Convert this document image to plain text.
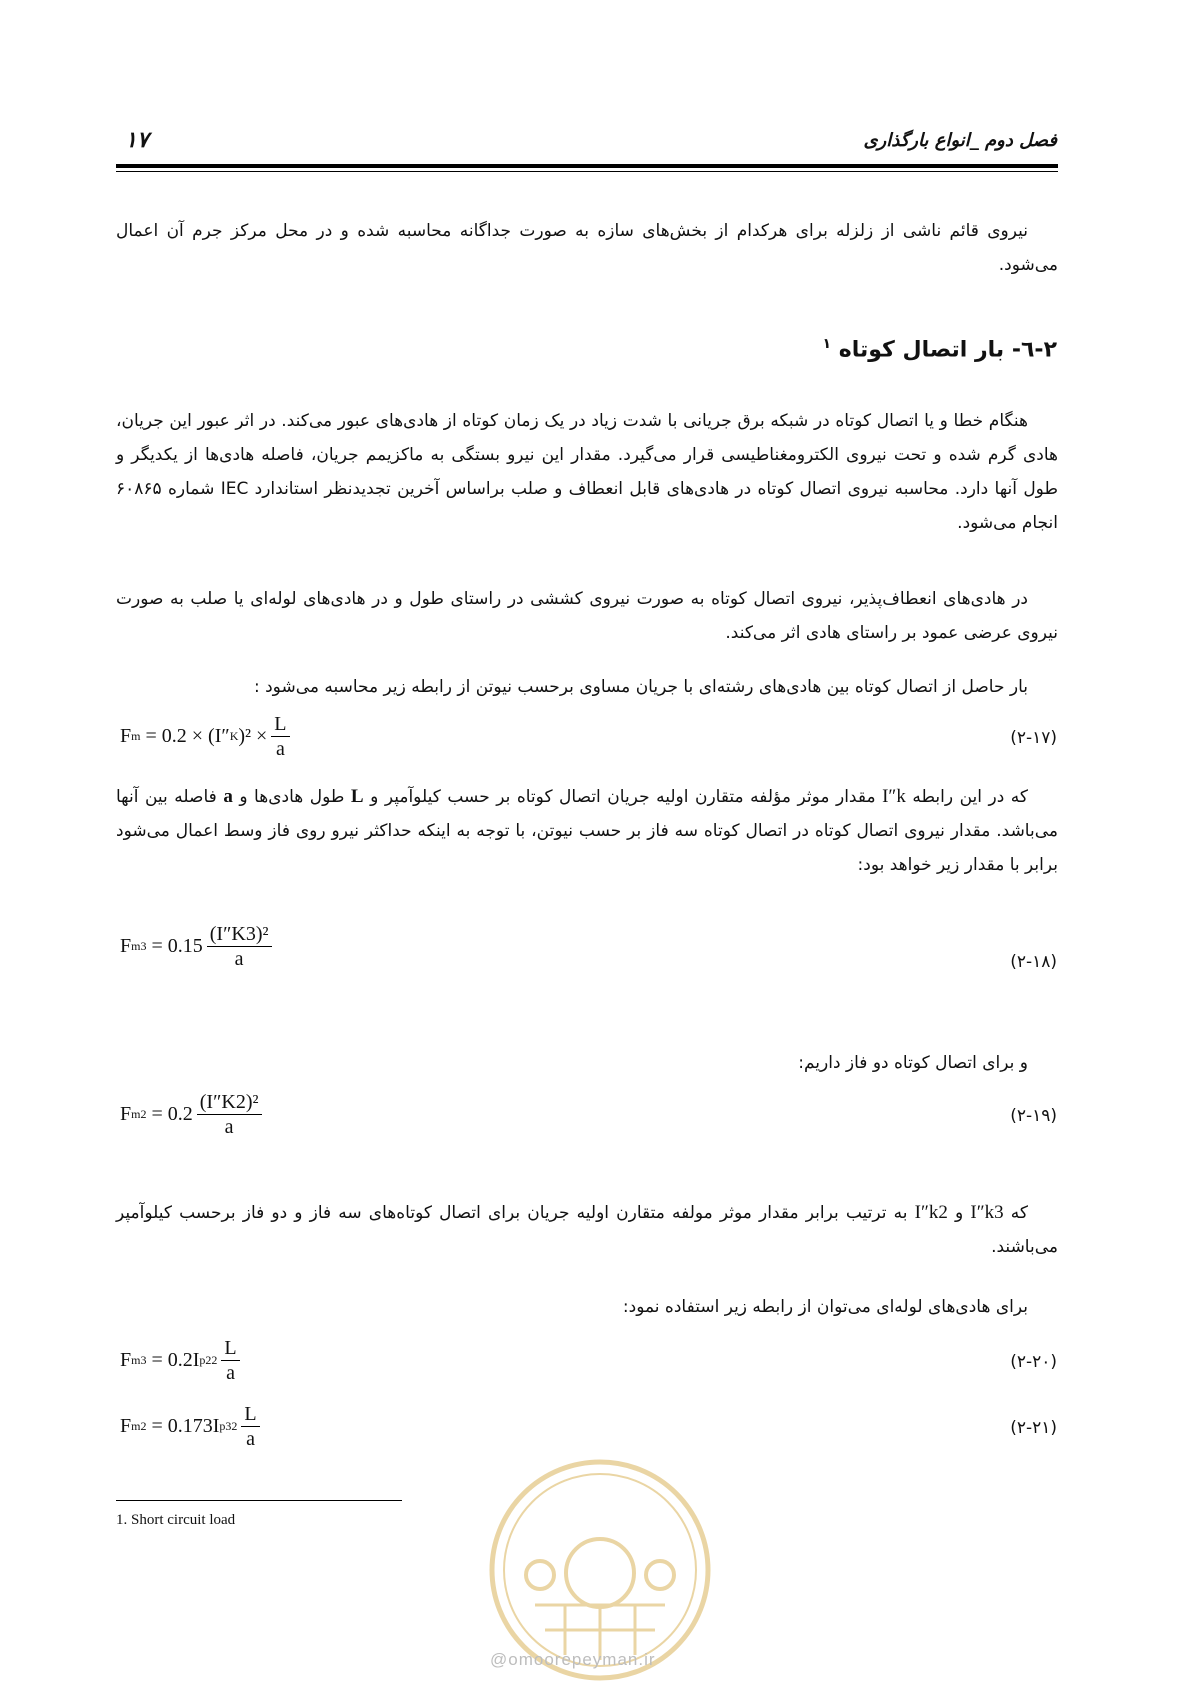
۱۷	فصل دوم _انواع بارگذاری
نیروی قائم ناشی از زلزله برای هرکدام از بخش‌های سازه به صورت جداگانه محاسبه شده و در محل مرکز جرم آن اعمال می‌شود.
۲-٦- بار اتصال کوتاه $^۱$
هنگام خطا و یا اتصال کوتاه در شبکه برق جریانی با شدت زیاد در یک زمان کوتاه از هادی‌های عبور می‌کند. در اثر عبور این جریان، هادی گرم شده و تحت نیروی الکترومغناطیسی قرار می‌گیرد. مقدار این نیرو بستگی به ماکزیمم جریان، فاصله هادی‌ها از یکدیگر و طول آنها دارد. محاسبه نیروی اتصال کوتاه در هادی‌های قابل انعطاف و صلب براساس آخرین تجدیدنظر استاندارد IEC شماره ۶۰۸۶۵ انجام می‌شود.
در هادی‌های انعطاف‌پذیر، نیروی اتصال کوتاه به صورت نیروی کششی در راستای طول و در هادی‌های لوله‌ای یا صلب به صورت نیروی عرضی عمود بر راستای هادی اثر می‌کند.
بار حاصل از اتصال کوتاه بین هادی‌های رشته‌ای با جریان مساوی برحسب نیوتن از رابطه زیر محاسبه می‌شود :
F m
= 0.2 × (I″ K )$^2 \times \frac{L}{a}$	(۲-۱۷)
که در این رابطه I″k مقدار موثر مؤلفه متقارن اولیه جریان اتصال کوتاه بر حسب کیلوآمپر و L طول هادی‌ها و a فاصله بین آنها می‌باشد. مقدار نیروی اتصال کوتاه در اتصال کوتاه سه فاز بر حسب نیوتن، با توجه به اینکه حداکثر نیرو روی فاز وسط اعمال می‌شود برابر با مقدار زیر خواهد بود:
F m3
= $0.15 \frac{\text{(I″K3)²}}{a}$	(۲-۱۸)
و برای اتصال کوتاه دو فاز داریم:
F m2
= $0.2 \frac{\text{(I″K2)²}}{a}$	(۲-۱۹)
که I″k3 و I″k2 به ترتیب برابر مقدار موثر مولفه متقارن اولیه جریان برای اتصال کوتاه‌های سه فاز و دو فاز برحسب کیلوآمپر می‌باشند.
برای هادی‌های لوله‌ای می‌توان از رابطه زیر استفاده نمود:
F m3
= 0.2I p2 $2 \frac{L}{a}$	(۲-۲۰)
F m2
= 0.173I p3 $2 \frac{L}{a}$	(۲-۲۱)
@omoorepeyman.ir
1. Short circuit load
